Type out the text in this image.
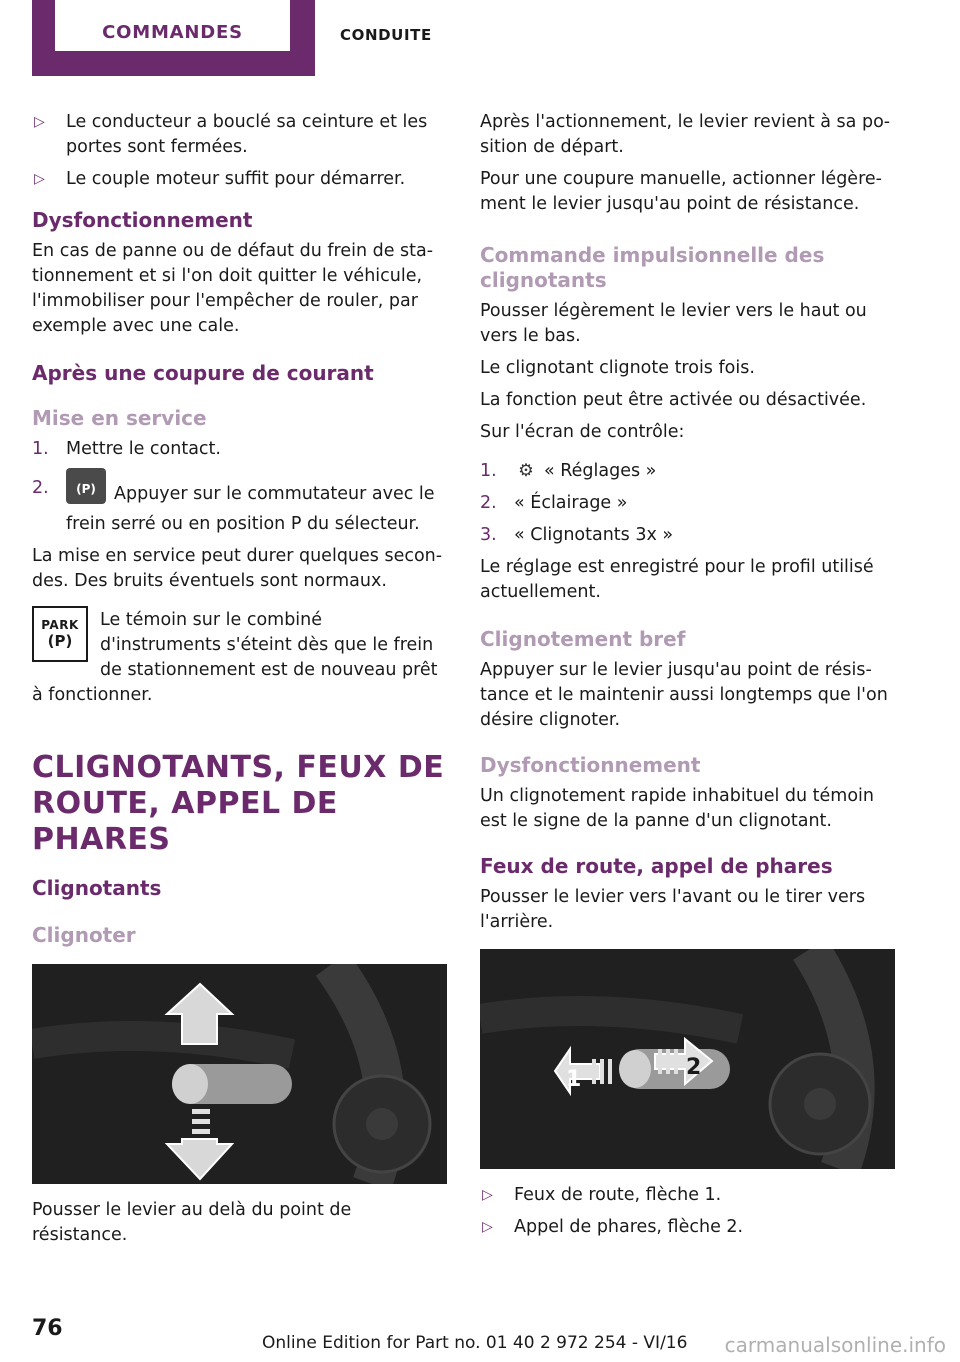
COMMANDES	CONDUITE
▷ Le conducteur a bouclé sa ceinture et les portes sont fermées.
▷ Le couple moteur suffit pour démarrer.
Dysfonctionnement

En cas de panne ou de défaut du frein de stationnement et si l'on doit quitter le véhicule, l'immobiliser pour l'empêcher de rouler, par exemple avec une cale.

Après une coupure de courant
Mise en service
1. Mettre le contact.
2.
(P)	Appuyer sur le commutateur avec le frein serré ou en position P du sélecteur.

La mise en service peut durer quelques secondes. Des bruits éventuels sont normaux.

PARK
(P)

Le témoin sur le combiné d'instruments s'éteint dès que le frein de stationnement est de nouveau prêt à fonctionner.

CLIGNOTANTS, FEUX DE ROUTE, APPEL DE PHARES
Clignotants
Clignoter

Pousser le levier au delà du point de résistance.

Après l'actionnement, le levier revient à sa position de départ.

Pour une coupure manuelle, actionner légèrement le levier jusqu'au point de résistance.

Commande impulsionnelle des clignotants

Pousser légèrement le levier vers le haut ou vers le bas.

Le clignotant clignote trois fois.

La fonction peut être activée ou désactivée.

Sur l'écran de contrôle:

1. ⚙ « Réglages »
2. « Éclairage »
3. « Clignotants 3x »

Le réglage est enregistré pour le profil utilisé actuellement.

Clignotement bref

Appuyer sur le levier jusqu'au point de résistance et le maintenir aussi longtemps que l'on désire clignoter.

Dysfonctionnement

Un clignotement rapide inhabituel du témoin est le signe de la panne d'un clignotant.

Feux de route, appel de phares

Pousser le levier vers l'avant ou le tirer vers l'arrière.

1	2
▷ Feux de route, flèche 1.
▷ Appel de phares, flèche 2.
76
Online Edition for Part no. 01 40 2 972 254 - VI/16 carmanualsonline.info
